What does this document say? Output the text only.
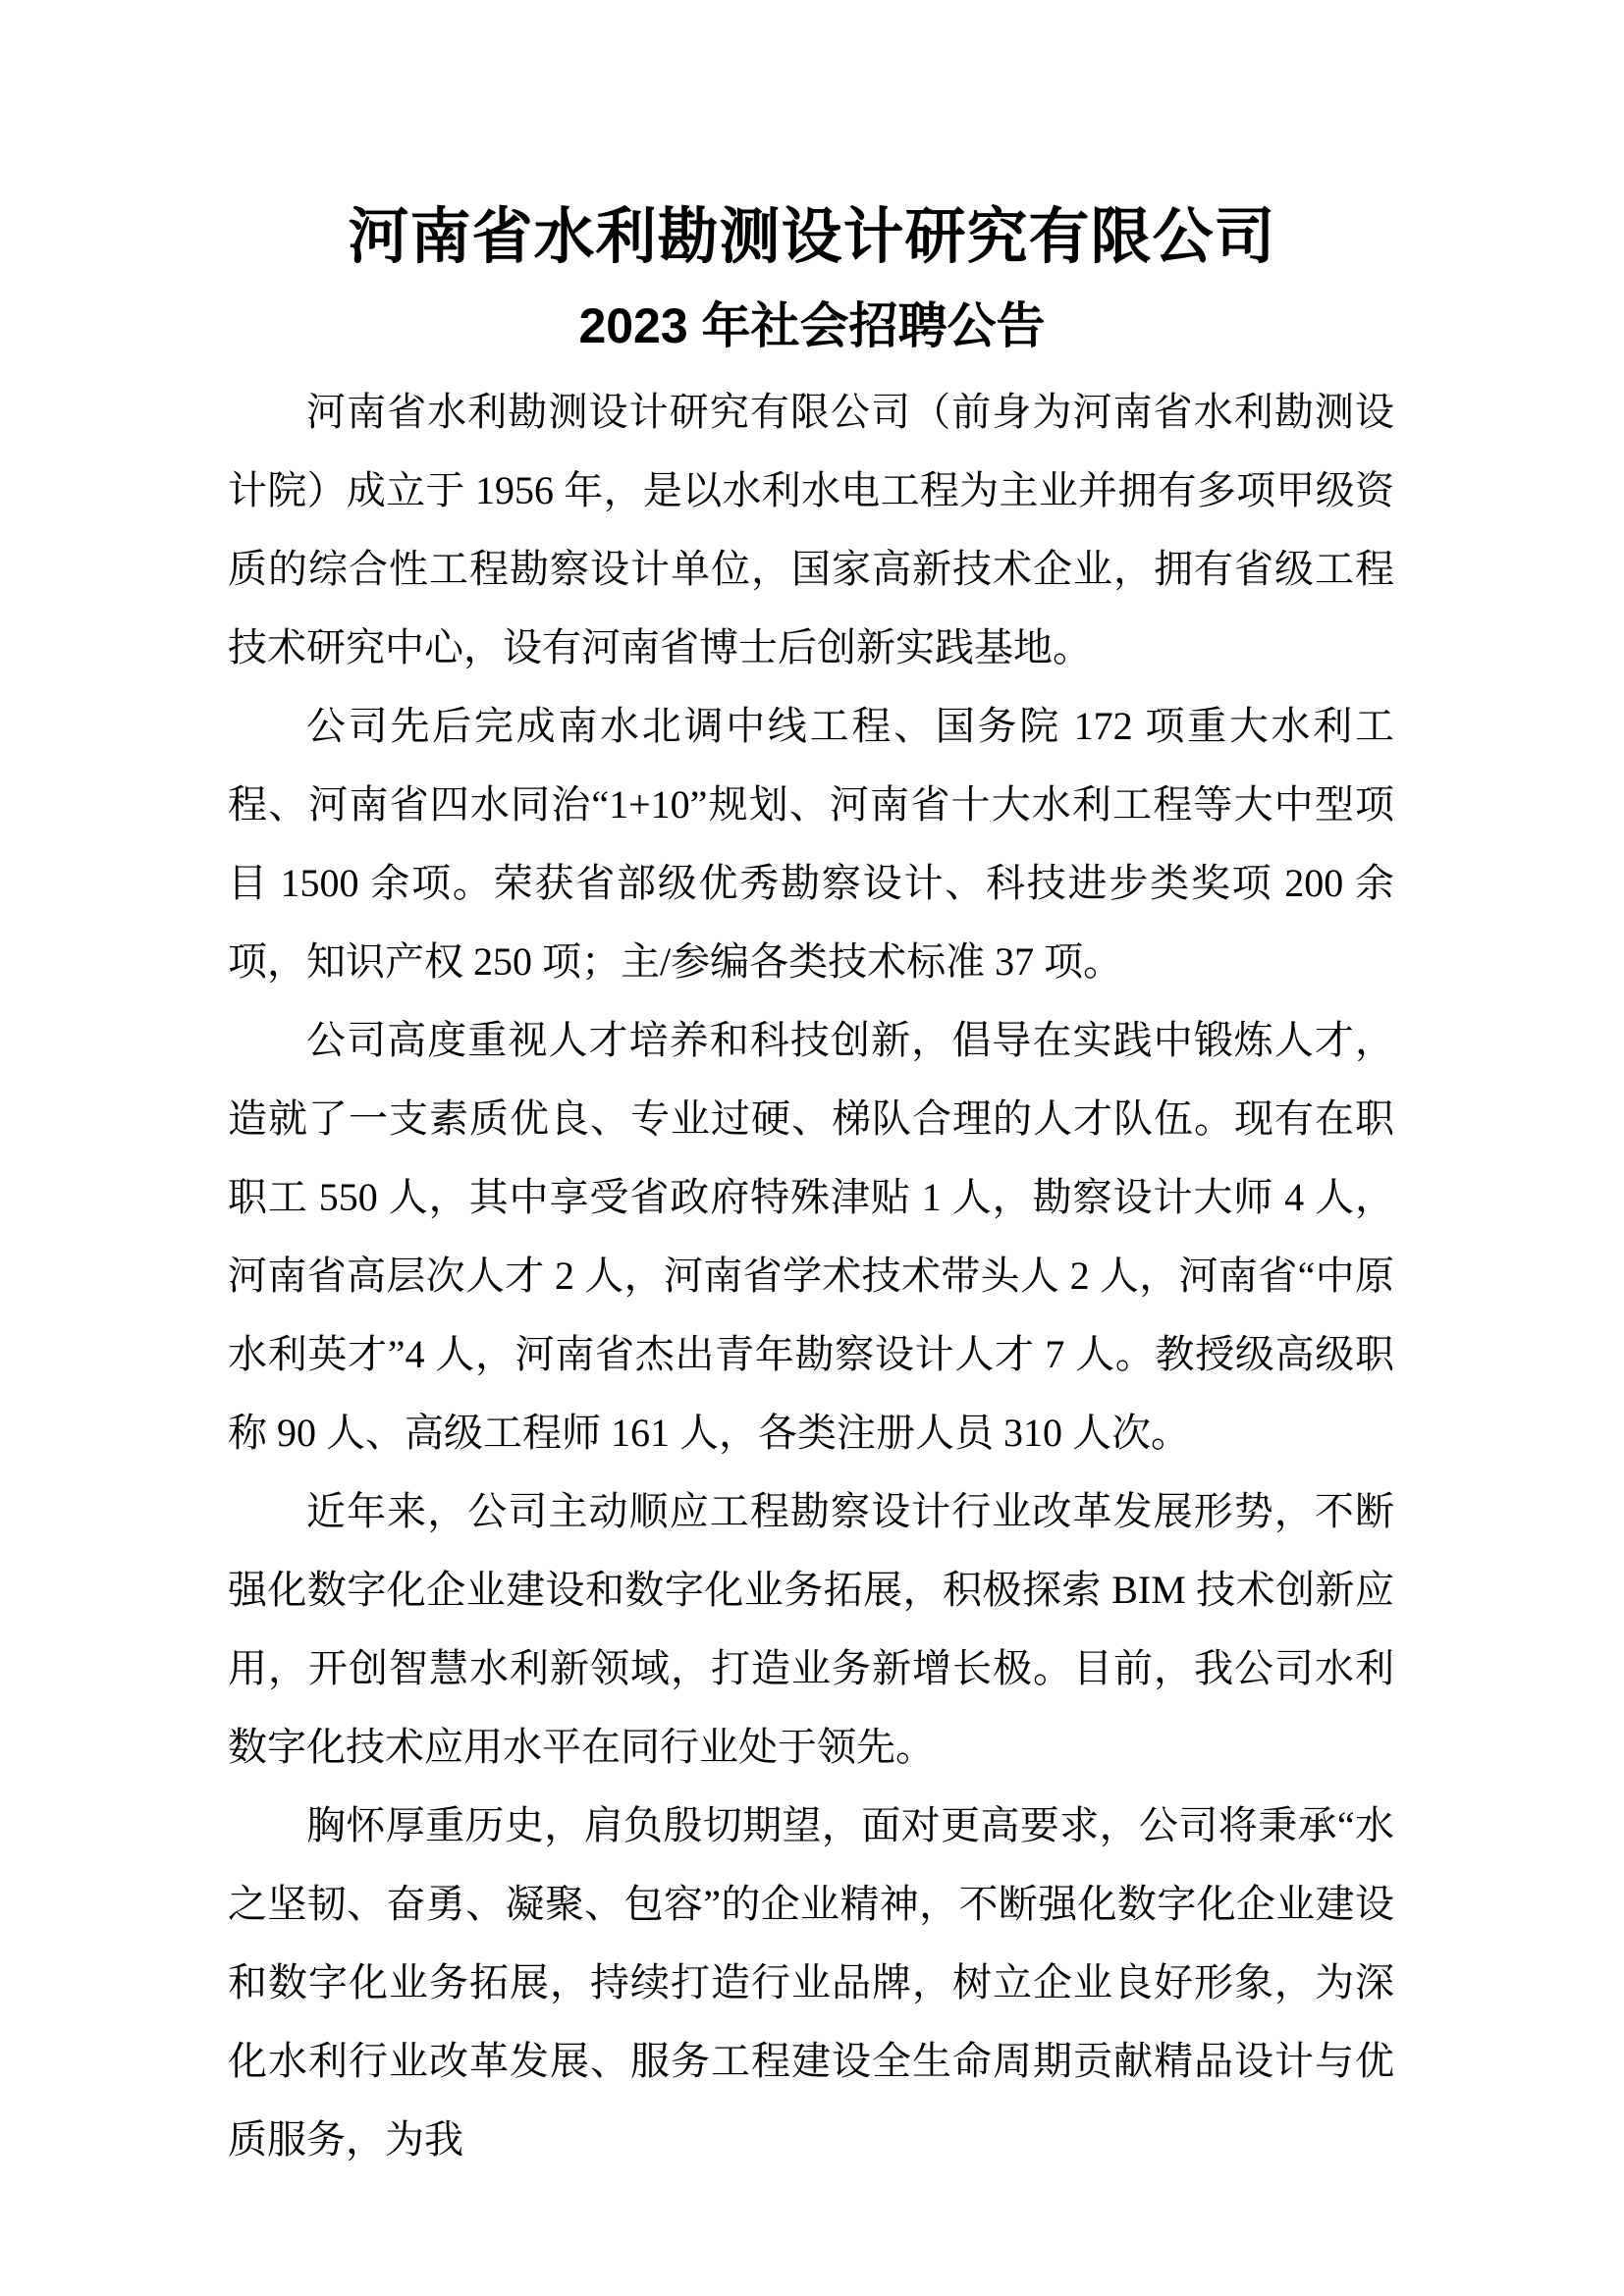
河南省水利勘测设计研究有限公司
2023 年社会招聘公告

河南省水利勘测设计研究有限公司（前身为河南省水利勘测设计院）成立于 1956 年，是以水利水电工程为主业并拥有多项甲级资质的综合性工程勘察设计单位，国家高新技术企业，拥有省级工程技术研究中心，设有河南省博士后创新实践基地。

公司先后完成南水北调中线工程、国务院 172 项重大水利工程、河南省四水同治“1+10”规划、河南省十大水利工程等大中型项目 1500 余项。荣获省部级优秀勘察设计、科技进步类奖项 200 余项，知识产权 250 项；主/参编各类技术标准 37 项。

公司高度重视人才培养和科技创新，倡导在实践中锻炼人才，造就了一支素质优良、专业过硬、梯队合理的人才队伍。现有在职职工 550 人，其中享受省政府特殊津贴 1 人，勘察设计大师 4 人，河南省高层次人才 2 人，河南省学术技术带头人 2 人，河南省“中原水利英才”4 人，河南省杰出青年勘察设计人才 7 人。教授级高级职称 90 人、高级工程师 161 人，各类注册人员 310 人次。

近年来，公司主动顺应工程勘察设计行业改革发展形势，不断强化数字化企业建设和数字化业务拓展，积极探索 BIM 技术创新应用，开创智慧水利新领域，打造业务新增长极。目前，我公司水利数字化技术应用水平在同行业处于领先。

胸怀厚重历史，肩负殷切期望，面对更高要求，公司将秉承“水之坚韧、奋勇、凝聚、包容”的企业精神，不断强化数字化企业建设和数字化业务拓展，持续打造行业品牌，树立企业良好形象，为深化水利行业改革发展、服务工程建设全生命周期贡献精品设计与优质服务，为我
